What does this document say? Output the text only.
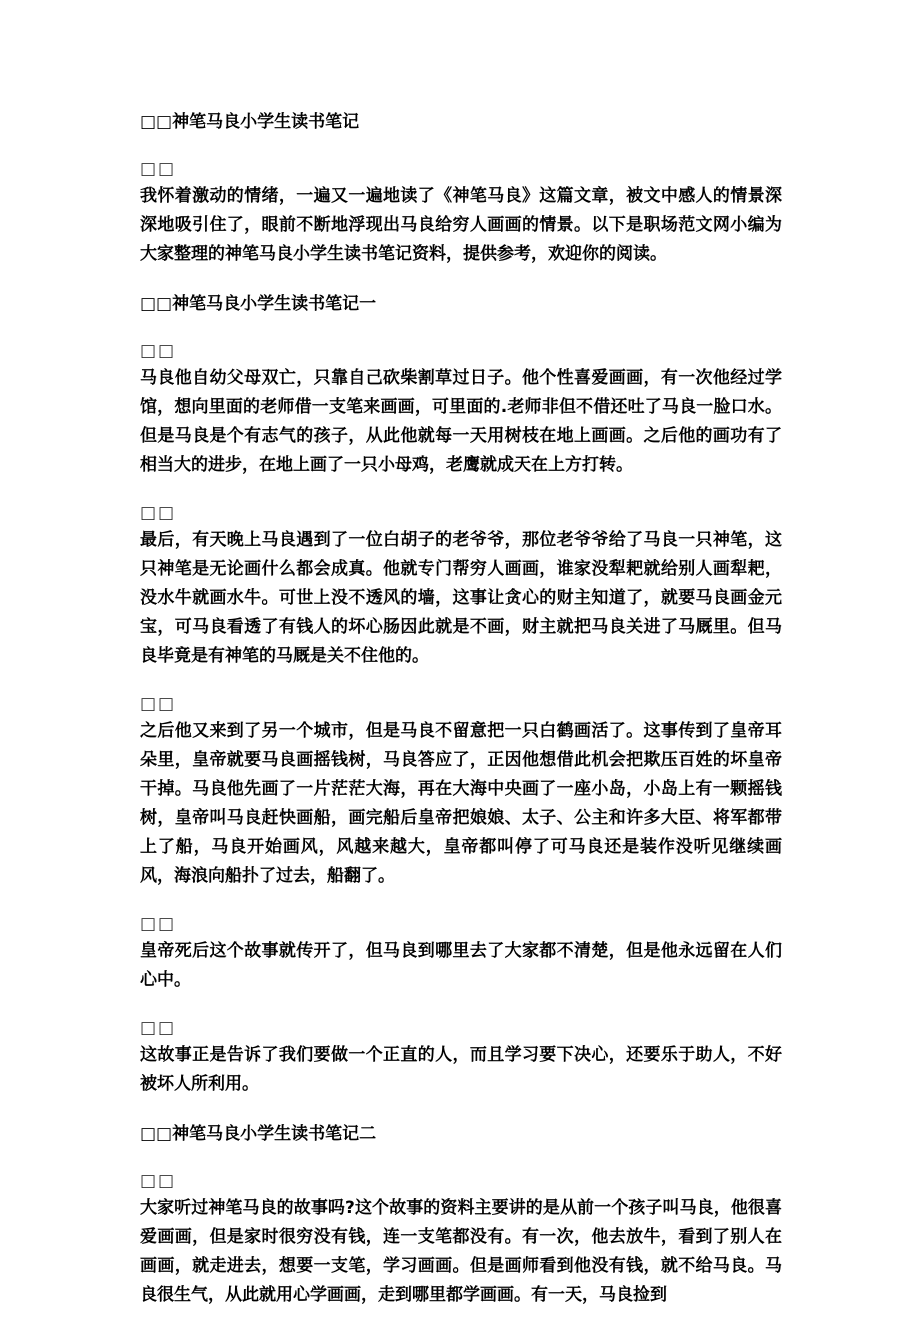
□□神笔马良小学生读书笔记
□□

我怀着激动的情绪，一遍又一遍地读了《神笔马良》这篇文章，被文中感人的情景深深地吸引住了，眼前不断地浮现出马良给穷人画画的情景。以下是职场范文网小编为大家整理的神笔马良小学生读书笔记资料，提供参考，欢迎你的阅读。

□□神笔马良小学生读书笔记一
□□

马良他自幼父母双亡，只靠自己砍柴割草过日子。他个性喜爱画画，有一次他经过学馆，想向里面的老师借一支笔来画画，可里面的.老师非但不借还吐了马良一脸口水。但是马良是个有志气的孩子，从此他就每一天用树枝在地上画画。之后他的画功有了相当大的进步，在地上画了一只小母鸡，老鹰就成天在上方打转。

□□

最后，有天晚上马良遇到了一位白胡子的老爷爷，那位老爷爷给了马良一只神笔，这只神笔是无论画什么都会成真。他就专门帮穷人画画，谁家没犁耙就给别人画犁耙，没水牛就画水牛。可世上没不透风的墙，这事让贪心的财主知道了，就要马良画金元宝，可马良看透了有钱人的坏心肠因此就是不画，财主就把马良关进了马厩里。但马良毕竟是有神笔的马厩是关不住他的。

□□

之后他又来到了另一个城市，但是马良不留意把一只白鹤画活了。这事传到了皇帝耳朵里，皇帝就要马良画摇钱树，马良答应了，正因他想借此机会把欺压百姓的坏皇帝干掉。马良他先画了一片茫茫大海，再在大海中央画了一座小岛，小岛上有一颗摇钱树，皇帝叫马良赶快画船，画完船后皇帝把娘娘、太子、公主和许多大臣、将军都带上了船，马良开始画风，风越来越大，皇帝都叫停了可马良还是装作没听见继续画风，海浪向船扑了过去，船翻了。

□□

皇帝死后这个故事就传开了，但马良到哪里去了大家都不清楚，但是他永远留在人们心中。

□□

这故事正是告诉了我们要做一个正直的人，而且学习要下决心，还要乐于助人，不好被坏人所利用。

□□神笔马良小学生读书笔记二
□□

大家听过神笔马良的故事吗?这个故事的资料主要讲的是从前一个孩子叫马良，他很喜爱画画，但是家时很穷没有钱，连一支笔都没有。有一次，他去放牛，看到了别人在画画，就走进去，想要一支笔，学习画画。但是画师看到他没有钱，就不给马良。马良很生气，从此就用心学画画，走到哪里都学画画。有一天，马良捡到
